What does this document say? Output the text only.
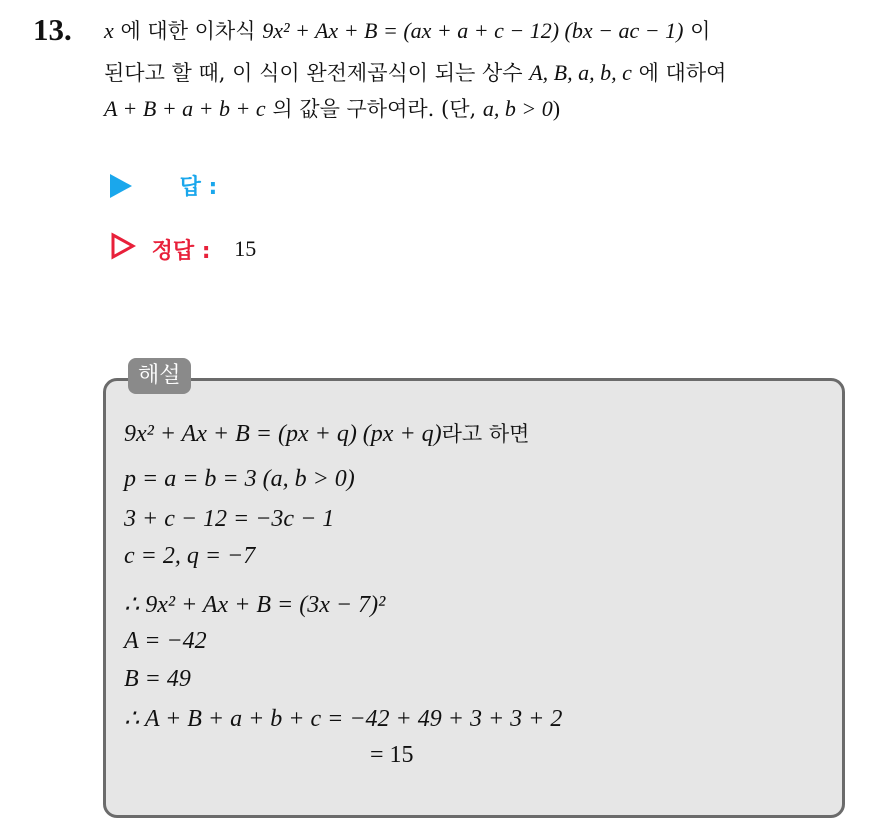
13. x 에 대한 이차식 9x² + Ax + B = (ax + a + c − 12) (bx − ac − 1) 이
된다고 할 때, 이 식이 완전제곱식이 되는 상수 A, B, a, b, c 에 대하여
A + B + a + b + c 의 값을 구하여라. (단, a, b > 0)
답 :
정답 : 15
해설
9x² + Ax + B = (px + q) (px + q)라고 하면
p = a = b = 3 (a, b > 0)
3 + c − 12 = −3c − 1
c = 2, q = −7
∴ 9x² + Ax + B = (3x − 7)²
A = −42
B = 49
∴ A + B + a + b + c = −42 + 49 + 3 + 3 + 2
= 15
